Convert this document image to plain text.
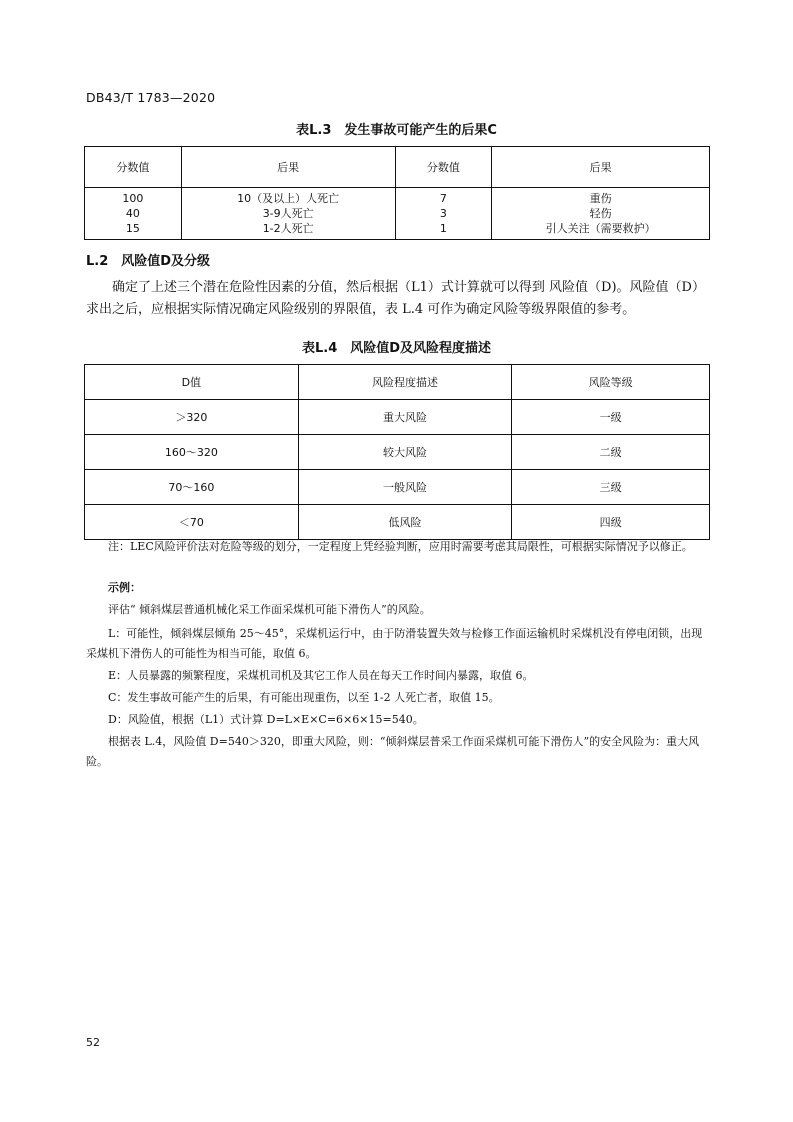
DB43/T 1783—2020
表L.3　发生事故可能产生的后果C
分数值	后果	分数值	后果
100	10（及以上）人死亡	7	重伤
40	3-9人死亡	3	轻伤
15	1-2人死亡	1	引人关注（需要救护）
L.2　风险值D及分级
确定了上述三个潜在危险性因素的分值，然后根据（L1）式计算就可以得到 风险值（D)。风险值（D）求出之后，应根据实际情况确定风险级别的界限值，表 L.4 可作为确定风险等级界限值的参考。
表L.4　风险值D及风险程度描述
D值	风险程度描述	风险等级
＞320	重大风险	一级
160～320	较大风险	二级
70～160	一般风险	三级
＜70	低风险	四级
注：LEC风险评价法对危险等级的划分，一定程度上凭经验判断，应用时需要考虑其局限性，可根据实际情况予以修正。
示例：
评估“ 倾斜煤层普通机械化采工作面采煤机可能下滑伤人”的风险。
L：可能性，倾斜煤层倾角 25～45°，采煤机运行中，由于防滑装置失效与检修工作面运输机时采煤机没有停电闭锁，出现采煤机下滑伤人的可能性为相当可能，取值 6。
E：人员暴露的频繁程度，采煤机司机及其它工作人员在每天工作时间内暴露，取值 6。
C：发生事故可能产生的后果，有可能出现重伤，以至 1-2 人死亡者，取值 15。
D：风险值，根据（L1）式计算 D=L×E×C=6×6×15=540。
根据表 L.4，风险值 D=540＞320，即重大风险，则：“倾斜煤层普采工作面采煤机可能下滑伤人”的安全风险为：重大风险。
52
